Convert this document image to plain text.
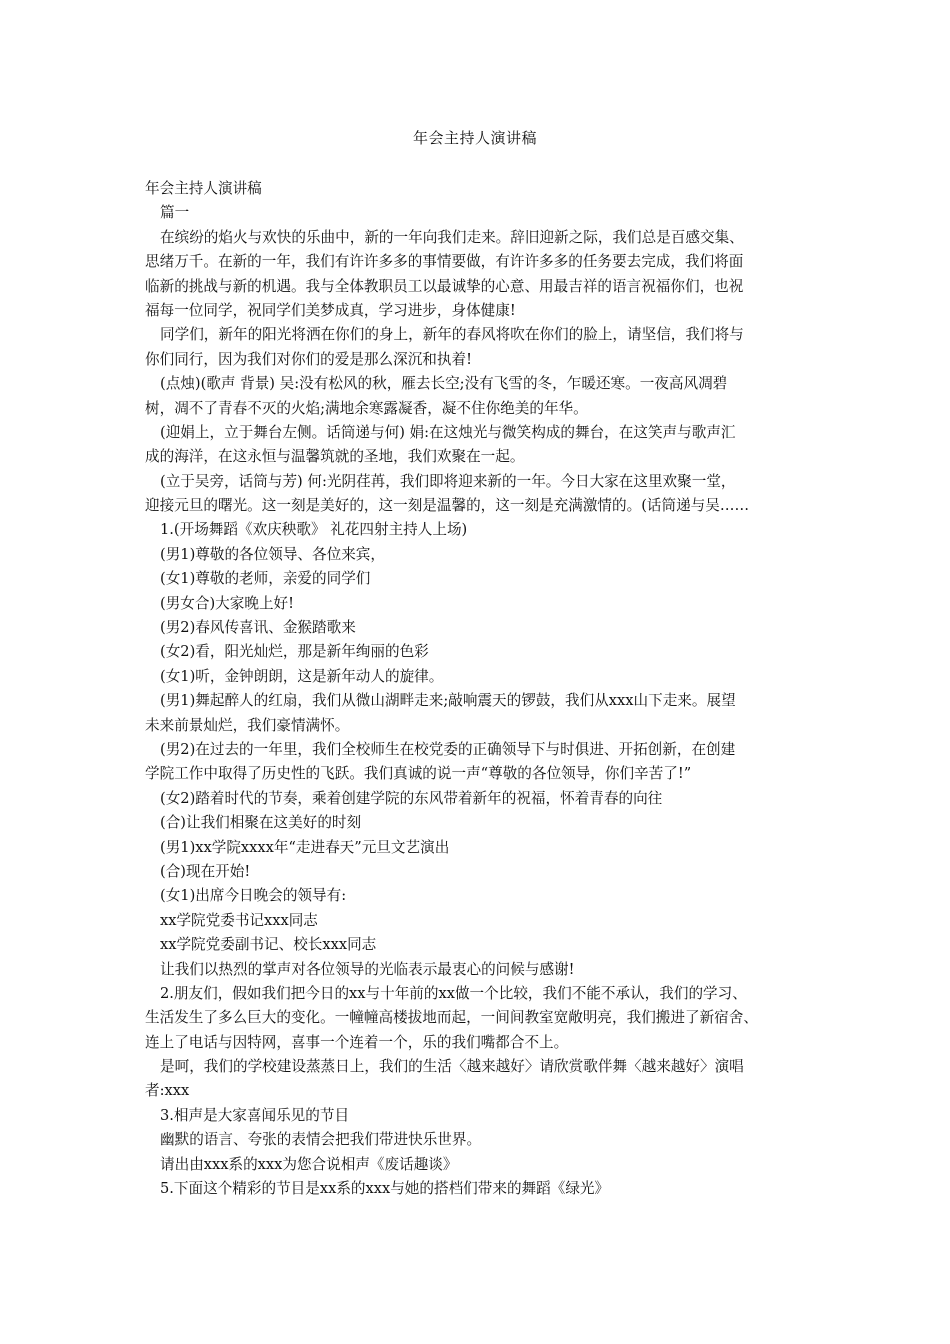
年会主持人演讲稿
年会主持人演讲稿
篇一
在缤纷的焰火与欢快的乐曲中，新的一年向我们走来。辞旧迎新之际，我们总是百感交集、
思绪万千。在新的一年，我们有许许多多的事情要做，有许许多多的任务要去完成，我们将面
临新的挑战与新的机遇。我与全体教职员工以最诚挚的心意、用最吉祥的语言祝福你们，也祝
福每一位同学，祝同学们美梦成真，学习进步，身体健康!
同学们，新年的阳光将洒在你们的身上，新年的春风将吹在你们的脸上，请坚信，我们将与
你们同行，因为我们对你们的爱是那么深沉和执着!
(点烛)(歌声 背景) 吴:没有松风的秋，雁去长空;没有飞雪的冬，乍暖还寒。一夜高风凋碧
树，凋不了青春不灭的火焰;满地余寒露凝香，凝不住你绝美的年华。
(迎娟上，立于舞台左侧。话筒递与何) 娟:在这烛光与微笑构成的舞台，在这笑声与歌声汇
成的海洋，在这永恒与温馨筑就的圣地，我们欢聚在一起。
(立于吴旁，话筒与芳) 何:光阴荏苒，我们即将迎来新的一年。今日大家在这里欢聚一堂，
迎接元旦的曙光。这一刻是美好的，这一刻是温馨的，这一刻是充满激情的。(话筒递与吴……
1.(开场舞蹈《欢庆秧歌》 礼花四射主持人上场)
(男1)尊敬的各位领导、各位来宾，
(女1)尊敬的老师，亲爱的同学们
(男女合)大家晚上好!
(男2)春风传喜讯、金猴踏歌来
(女2)看，阳光灿烂，那是新年绚丽的色彩
(女1)听，金钟朗朗，这是新年动人的旋律。
(男1)舞起醉人的红扇，我们从微山湖畔走来;敲响震天的锣鼓，我们从xxx山下走来。展望
未来前景灿烂，我们豪情满怀。
(男2)在过去的一年里，我们全校师生在校党委的正确领导下与时俱进、开拓创新，在创建
学院工作中取得了历史性的飞跃。我们真诚的说一声“尊敬的各位领导，你们辛苦了!”
(女2)踏着时代的节奏，乘着创建学院的东风带着新年的祝福，怀着青春的向往
(合)让我们相聚在这美好的时刻
(男1)xx学院xxxx年“走进春天”元旦文艺演出
(合)现在开始!
(女1)出席今日晚会的领导有:
xx学院党委书记xxx同志
xx学院党委副书记、校长xxx同志
让我们以热烈的掌声对各位领导的光临表示最衷心的问候与感谢!
2.朋友们，假如我们把今日的xx与十年前的xx做一个比较，我们不能不承认，我们的学习、
生活发生了多么巨大的变化。一幢幢高楼拔地而起，一间间教室宽敞明亮，我们搬进了新宿舍、
连上了电话与因特网，喜事一个连着一个，乐的我们嘴都合不上。
是呵，我们的学校建设蒸蒸日上，我们的生活〈越来越好〉请欣赏歌伴舞〈越来越好〉演唱
者:xxx
3.相声是大家喜闻乐见的节目
幽默的语言、夸张的表情会把我们带进快乐世界。
请出由xxx系的xxx为您合说相声《废话趣谈》
5.下面这个精彩的节目是xx系的xxx与她的搭档们带来的舞蹈《绿光》
